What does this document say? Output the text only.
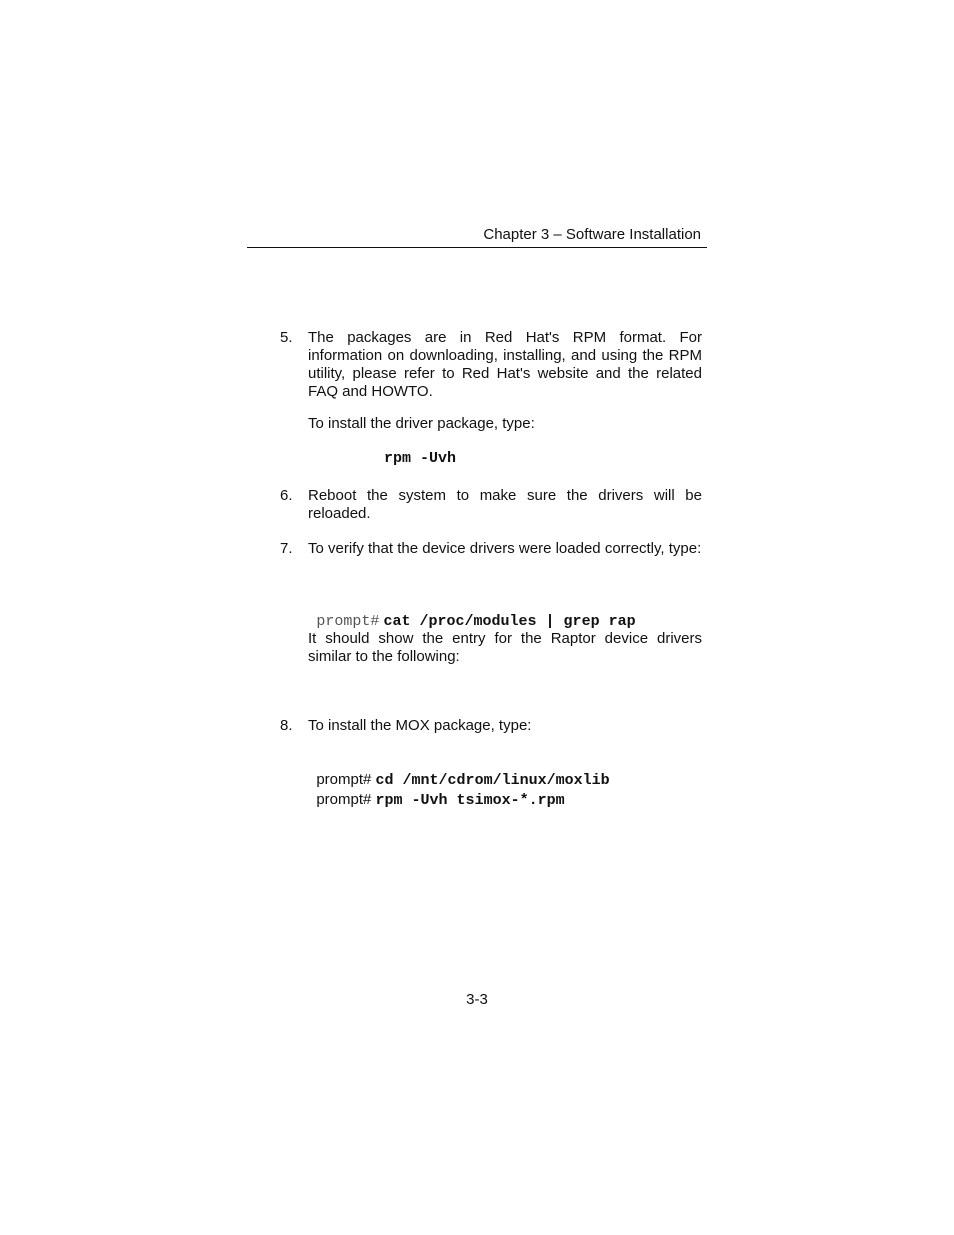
Chapter 3 – Software Installation
5. The packages are in Red Hat's RPM format. For information on downloading, installing, and using the RPM utility, please refer to Red Hat's website and the related FAQ and HOWTO.

To install the driver package, type:

rpm -Uvh
6. Reboot the system to make sure the drivers will be reloaded.

7. To verify that the device drivers were loaded correctly, type:

prompt# cat /proc/modules | grep rap

It should show the entry for the Raptor device drivers similar to the following:

8. To install the MOX package, type:

prompt# cd /mnt/cdrom/linux/moxlib

prompt# rpm -Uvh tsimox-*.rpm

3-3
